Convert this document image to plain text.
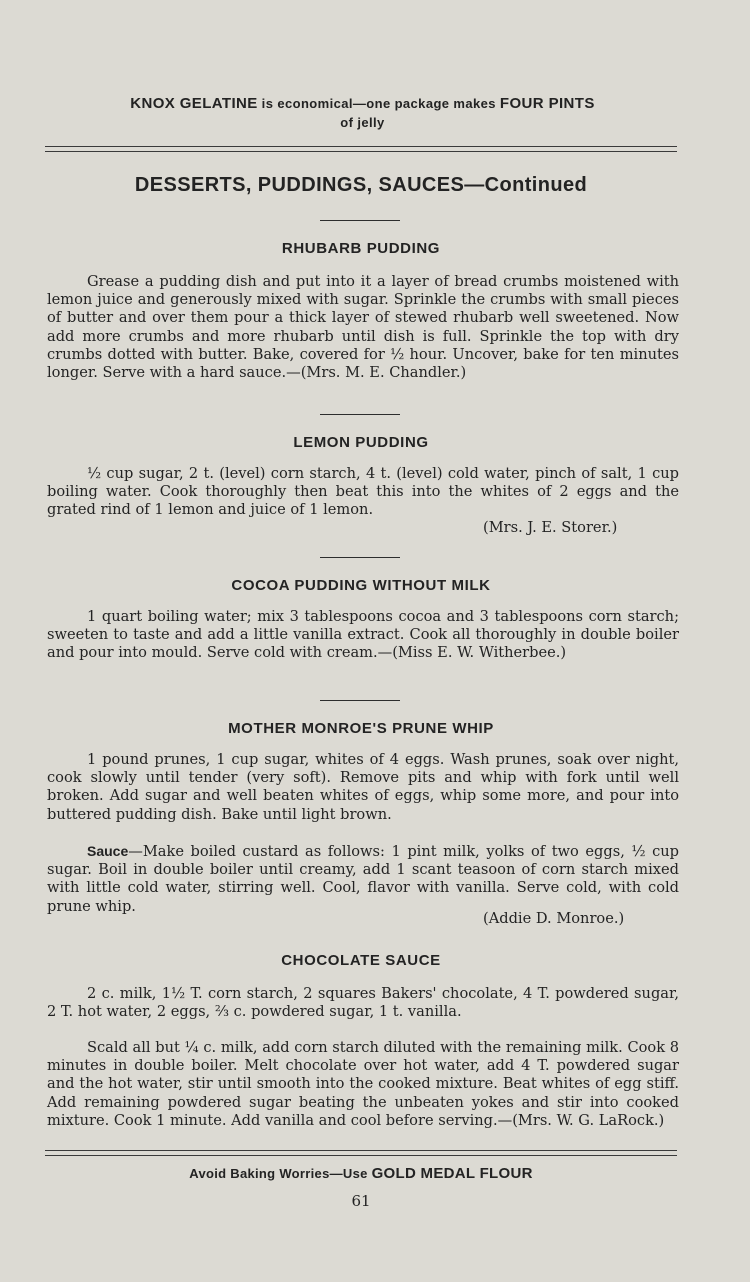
KNOX GELATINE is economical—one package makes FOUR PINTS
of jelly
DESSERTS, PUDDINGS, SAUCES—Continued
RHUBARB PUDDING
Grease a pudding dish and put into it a layer of bread crumbs moistened with lemon juice and generously mixed with sugar. Sprinkle the crumbs with small pieces of butter and over them pour a thick layer of stewed rhubarb well sweetened. Now add more crumbs and more rhubarb until dish is full. Sprinkle the top with dry crumbs dotted with butter. Bake, covered for ½ hour. Uncover, bake for ten minutes longer. Serve with a hard sauce.—(Mrs. M. E. Chandler.)
LEMON PUDDING
½ cup sugar, 2 t. (level) corn starch, 4 t. (level) cold water, pinch of salt, 1 cup boiling water. Cook thoroughly then beat this into the whites of 2 eggs and the grated rind of 1 lemon and juice of 1 lemon.
(Mrs. J. E. Storer.)
COCOA PUDDING WITHOUT MILK
1 quart boiling water; mix 3 tablespoons cocoa and 3 tablespoons corn starch; sweeten to taste and add a little vanilla extract. Cook all thoroughly in double boiler and pour into mould. Serve cold with cream.—(Miss E. W. Witherbee.)
MOTHER MONROE'S PRUNE WHIP
1 pound prunes, 1 cup sugar, whites of 4 eggs. Wash prunes, soak over night, cook slowly until tender (very soft). Remove pits and whip with fork until well broken. Add sugar and well beaten whites of eggs, whip some more, and pour into buttered pudding dish. Bake until light brown.
Sauce—Make boiled custard as follows: 1 pint milk, yolks of two eggs, ½ cup sugar. Boil in double boiler until creamy, add 1 scant teasoon of corn starch mixed with little cold water, stirring well. Cool, flavor with vanilla. Serve cold, with cold prune whip.
(Addie D. Monroe.)
CHOCOLATE SAUCE
2 c. milk, 1½ T. corn starch, 2 squares Bakers' chocolate, 4 T. powdered sugar, 2 T. hot water, 2 eggs, ⅔ c. powdered sugar, 1 t. vanilla.
Scald all but ¼ c. milk, add corn starch diluted with the remaining milk. Cook 8 minutes in double boiler. Melt chocolate over hot water, add 4 T. powdered sugar and the hot water, stir until smooth into the cooked mixture. Beat whites of egg stiff. Add remaining powdered sugar beating the unbeaten yokes and stir into cooked mixture. Cook 1 minute. Add vanilla and cool before serving.—(Mrs. W. G. LaRock.)
Avoid Baking Worries—Use GOLD MEDAL FLOUR
61
